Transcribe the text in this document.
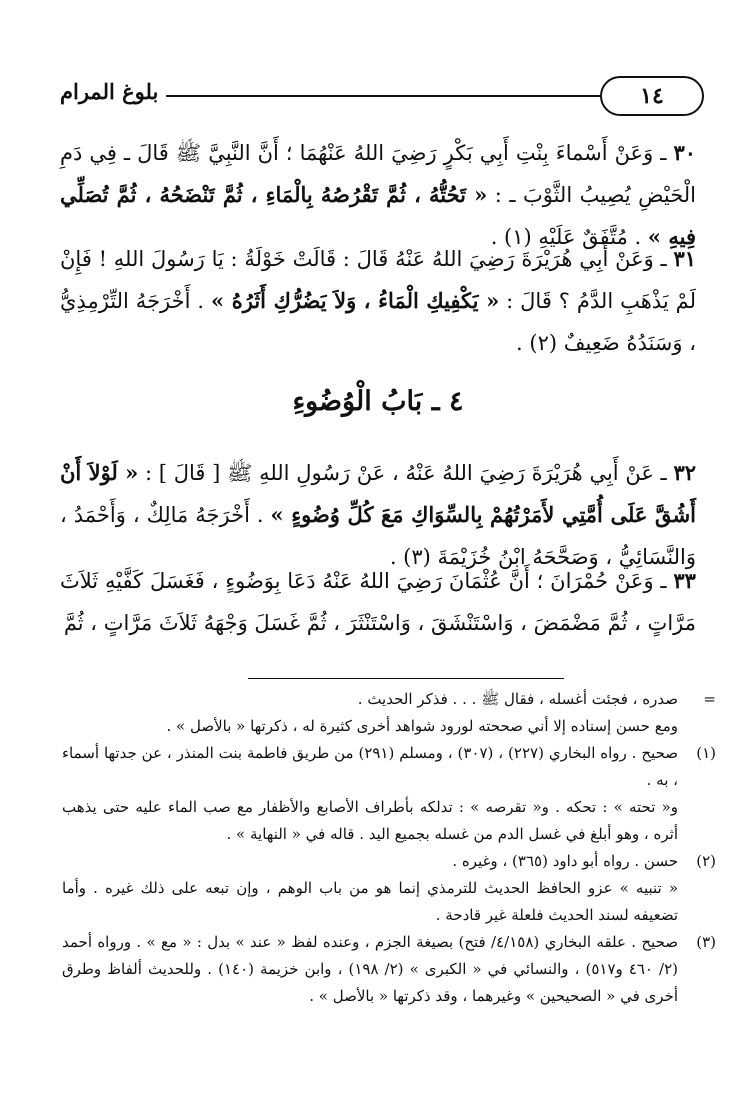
١٤
بلوغ المرام
٣٠ ـ وَعَنْ أَسْماءَ بِنْتِ أَبِي بَكْرٍ رَضِيَ اللهُ عَنْهُمَا ؛ أَنَّ النَّبِيَّ ﷺ قَالَ ـ فِي دَمِ الْحَيْضِ يُصِيبُ الثَّوْبَ ـ : « تَحُتُّهُ ، ثُمَّ تَقْرُصُهُ بِالْمَاءِ ، ثُمَّ تَنْضَحُهُ ، ثُمَّ تُصَلِّي فِيهِ » . مُتَّفَقٌ عَلَيْهِ (١) .
٣١ ـ وَعَنْ أَبِي هُرَيْرَةَ رَضِيَ اللهُ عَنْهُ قَالَ : قَالَتْ خَوْلَةُ : يَا رَسُولَ اللهِ ! فَإِنْ لَمْ يَذْهَبِ الدَّمُ ؟ قَالَ : « يَكْفِيكِ الْمَاءُ ، وَلاَ يَضُرُّكِ أَثَرُهُ » . أَخْرَجَهُ التِّرْمِذِيُّ ، وَسَنَدُهُ ضَعِيفٌ (٢) .
٤ ـ بَابُ الْوُضُوءِ
٣٢ ـ عَنْ أَبِي هُرَيْرَةَ رَضِيَ اللهُ عَنْهُ ، عَنْ رَسُولِ اللهِ ﷺ [ قَالَ ] : « لَوْلاَ أَنْ أَشُقَّ عَلَى أُمَّتِي لأَمَرْتُهُمْ بِالسِّوَاكِ مَعَ كُلِّ وُضُوءٍ » . أَخْرَجَهُ مَالِكٌ ، وَأَحْمَدُ ، وَالنَّسَائِيُّ ، وَصَحَّحَهُ ابْنُ خُزَيْمَةَ (٣) .
٣٣ ـ وَعَنْ حُمْرَانَ ؛ أَنَّ عُثْمَانَ رَضِيَ اللهُ عَنْهُ دَعَا بِوَضُوءٍ ، فَغَسَلَ كَفَّيْهِ ثَلاَثَ مَرَّاتٍ ، ثُمَّ مَضْمَضَ ، وَاسْتَنْشَقَ ، وَاسْتَنْثَرَ ، ثُمَّ غَسَلَ وَجْهَهُ ثَلاَثَ مَرَّاتٍ ، ثُمَّ
=

صدره ، فجئت أغسله ، فقال ﷺ . . . فذكر الحديث .

ومع حسن إسناده إلا أني صححته لورود شواهد أخرى كثيرة له ، ذكرتها « بالأصل » .

(١)

صحيح . رواه البخاري (٢٢٧) ، (٣٠٧) ، ومسلم (٢٩١) من طريق فاطمة بنت المنذر ، عن جدتها أسماء ، به .

و« تحته » : تحكه . و« تقرصه » : تدلكه بأطراف الأصابع والأظفار مع صب الماء عليه حتى يذهب أثره ، وهو أبلغ في غسل الدم من غسله بجميع اليد . قاله في « النهاية » .

(٢)

حسن . رواه أبو داود (٣٦٥) ، وغيره .

« تنبيه » عزو الحافظ الحديث للترمذي إنما هو من باب الوهم ، وإن تبعه على ذلك غيره . وأما تضعيفه لسند الحديث فلعلة غير قادحة .

(٣)

صحيح . علقه البخاري (٤/١٥٨/ فتح) بصيغة الجزم ، وعنده لفظ « عند » بدل : « مع » . ورواه أحمد (٢/ ٤٦٠ و٥١٧) ، والنسائي في « الكبرى » (٢/ ١٩٨) ، وابن خزيمة (١٤٠) . وللحديث ألفاظ وطرق أخرى في « الصحيحين » وغيرهما ، وقد ذكرتها « بالأصل » .
